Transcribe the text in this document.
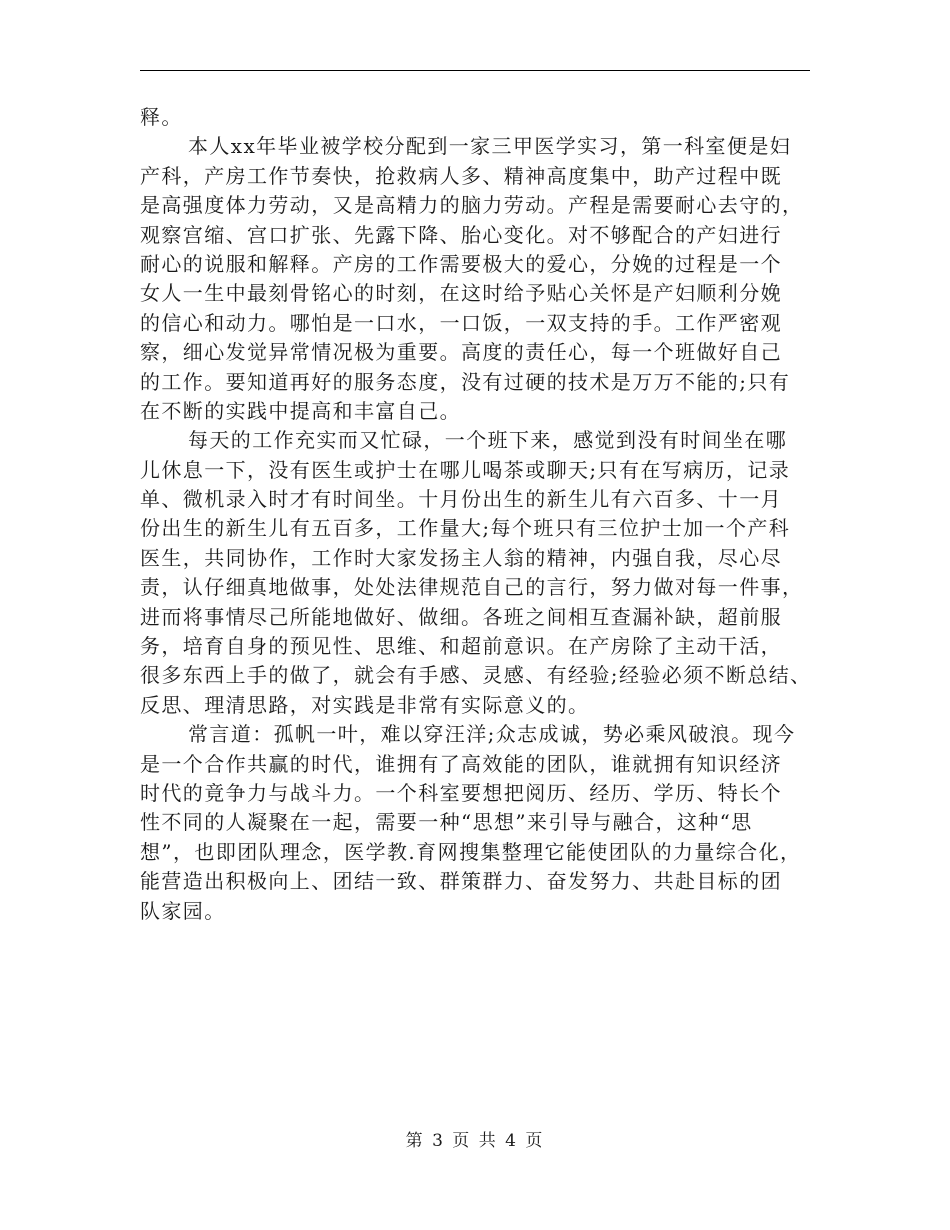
释。
本人xx年毕业被学校分配到一家三甲医学实习，第一科室便是妇
产科，产房工作节奏快，抢救病人多、精神高度集中，助产过程中既
是高强度体力劳动，又是高精力的脑力劳动。产程是需要耐心去守的，
观察宫缩、宫口扩张、先露下降、胎心变化。对不够配合的产妇进行
耐心的说服和解释。产房的工作需要极大的爱心，分娩的过程是一个
女人一生中最刻骨铭心的时刻，在这时给予贴心关怀是产妇顺利分娩
的信心和动力。哪怕是一口水，一口饭，一双支持的手。工作严密观
察，细心发觉异常情况极为重要。高度的责任心，每一个班做好自己
的工作。要知道再好的服务态度，没有过硬的技术是万万不能的;只有
在不断的实践中提高和丰富自己。
每天的工作充实而又忙碌，一个班下来，感觉到没有时间坐在哪
儿休息一下，没有医生或护士在哪儿喝茶或聊天;只有在写病历，记录
单、微机录入时才有时间坐。十月份出生的新生儿有六百多、十一月
份出生的新生儿有五百多，工作量大;每个班只有三位护士加一个产科
医生，共同协作，工作时大家发扬主人翁的精神，内强自我，尽心尽
责，认仔细真地做事，处处法律规范自己的言行，努力做对每一件事，
进而将事情尽己所能地做好、做细。各班之间相互查漏补缺，超前服
务，培育自身的预见性、思维、和超前意识。在产房除了主动干活，
很多东西上手的做了，就会有手感、灵感、有经验;经验必须不断总结、
反思、理清思路，对实践是非常有实际意义的。
常言道：孤帆一叶，难以穿汪洋;众志成诚，势必乘风破浪。现今
是一个合作共赢的时代，谁拥有了高效能的团队，谁就拥有知识经济
时代的竟争力与战斗力。一个科室要想把阅历、经历、学历、特长个
性不同的人凝聚在一起，需要一种“思想”来引导与融合，这种“思
想”，也即团队理念，医学教.育网搜集整理它能使团队的力量综合化，
能营造出积极向上、团结一致、群策群力、奋发努力、共赴目标的团
队家园。
第 3 页 共 4 页
